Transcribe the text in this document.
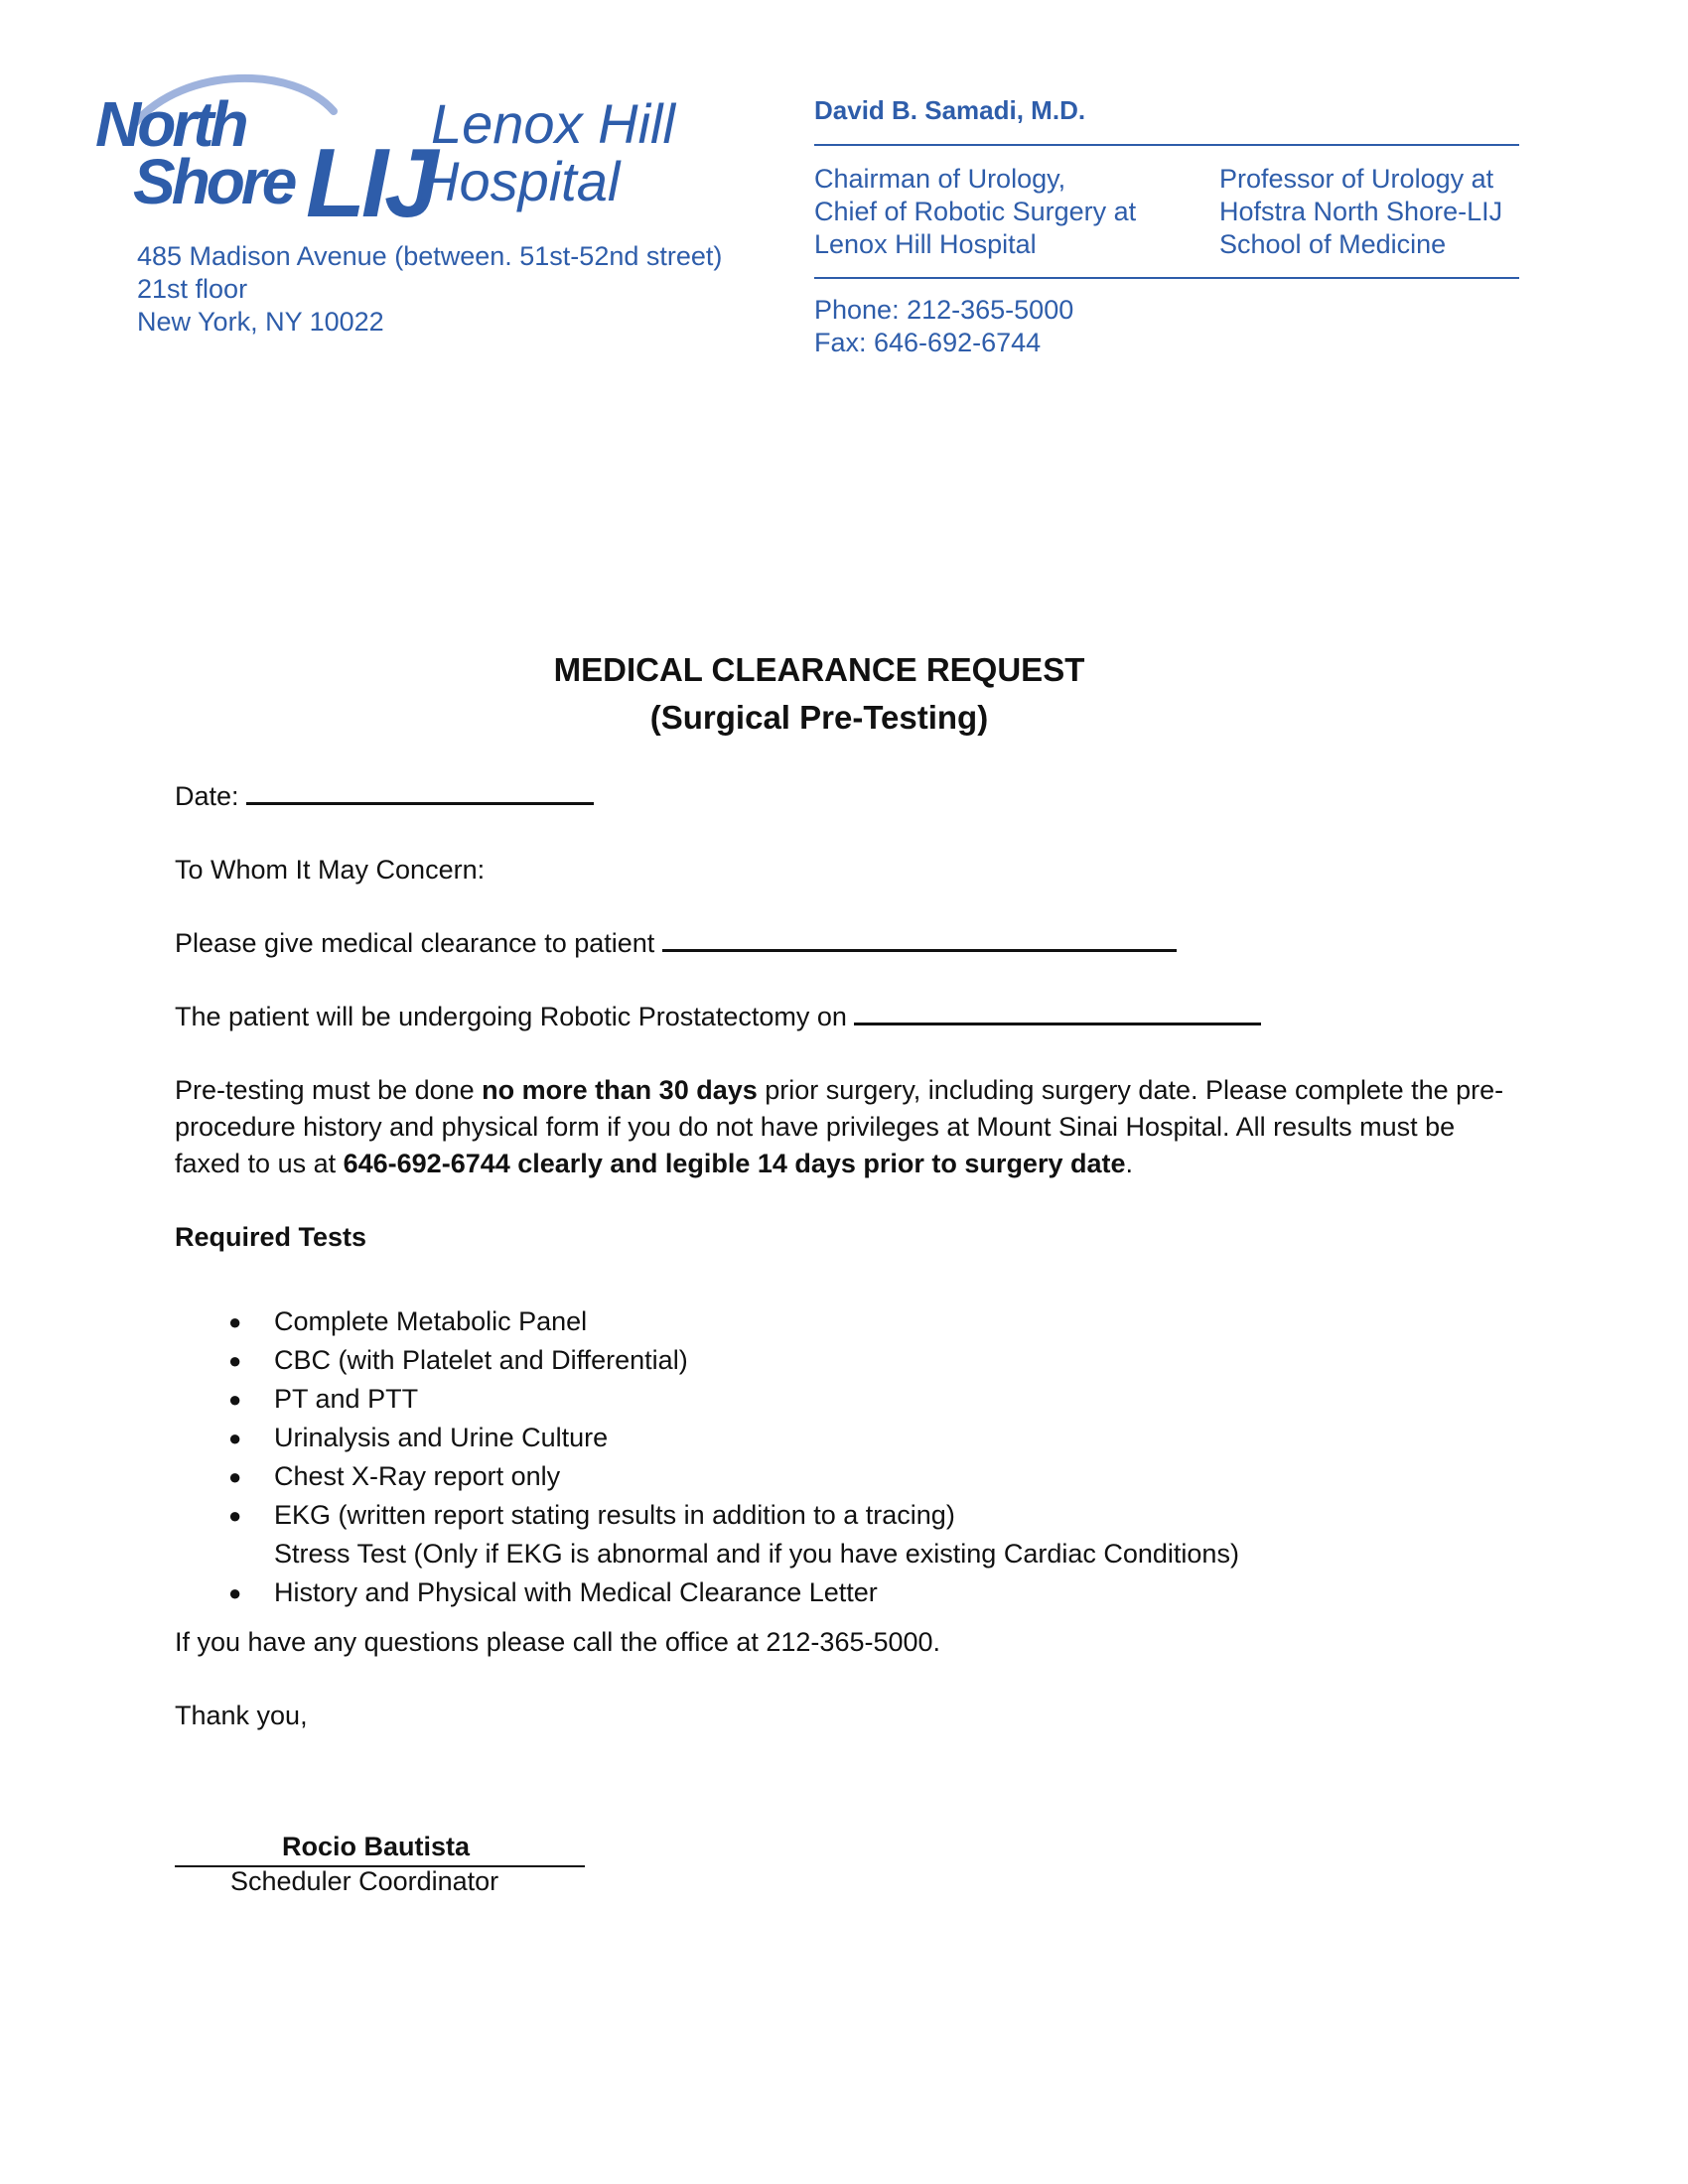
North
Shore LIJ
Lenox Hill
Hospital
485 Madison Avenue (between. 51st-52nd street)
21st floor
New York, NY 10022
David B. Samadi, M.D.
Chairman of Urology,
Chief of Robotic Surgery at
Lenox Hill Hospital
Professor of Urology at
Hofstra North Shore-LIJ
School of Medicine
Phone: 212-365-5000
Fax: 646-692-6744
MEDICAL CLEARANCE REQUEST
(Surgical Pre-Testing)
Date:
To Whom It May Concern:
Please give medical clearance to patient
The patient will be undergoing Robotic Prostatectomy on
Pre-testing must be done no more than 30 days prior surgery, including surgery date. Please complete the pre-procedure history and physical form if you do not have privileges at Mount Sinai Hospital. All results must be faxed to us at 646-692-6744 clearly and legible 14 days prior to surgery date.
Required Tests
● Complete Metabolic Panel
● CBC (with Platelet and Differential)
● PT and PTT
● Urinalysis and Urine Culture
● Chest X-Ray report only
● EKG (written report stating results in addition to a tracing)
Stress Test (Only if EKG is abnormal and if you have existing Cardiac Conditions)
● History and Physical with Medical Clearance Letter
If you have any questions please call the office at 212-365-5000.
Thank you,
Rocio Bautista
Scheduler Coordinator
